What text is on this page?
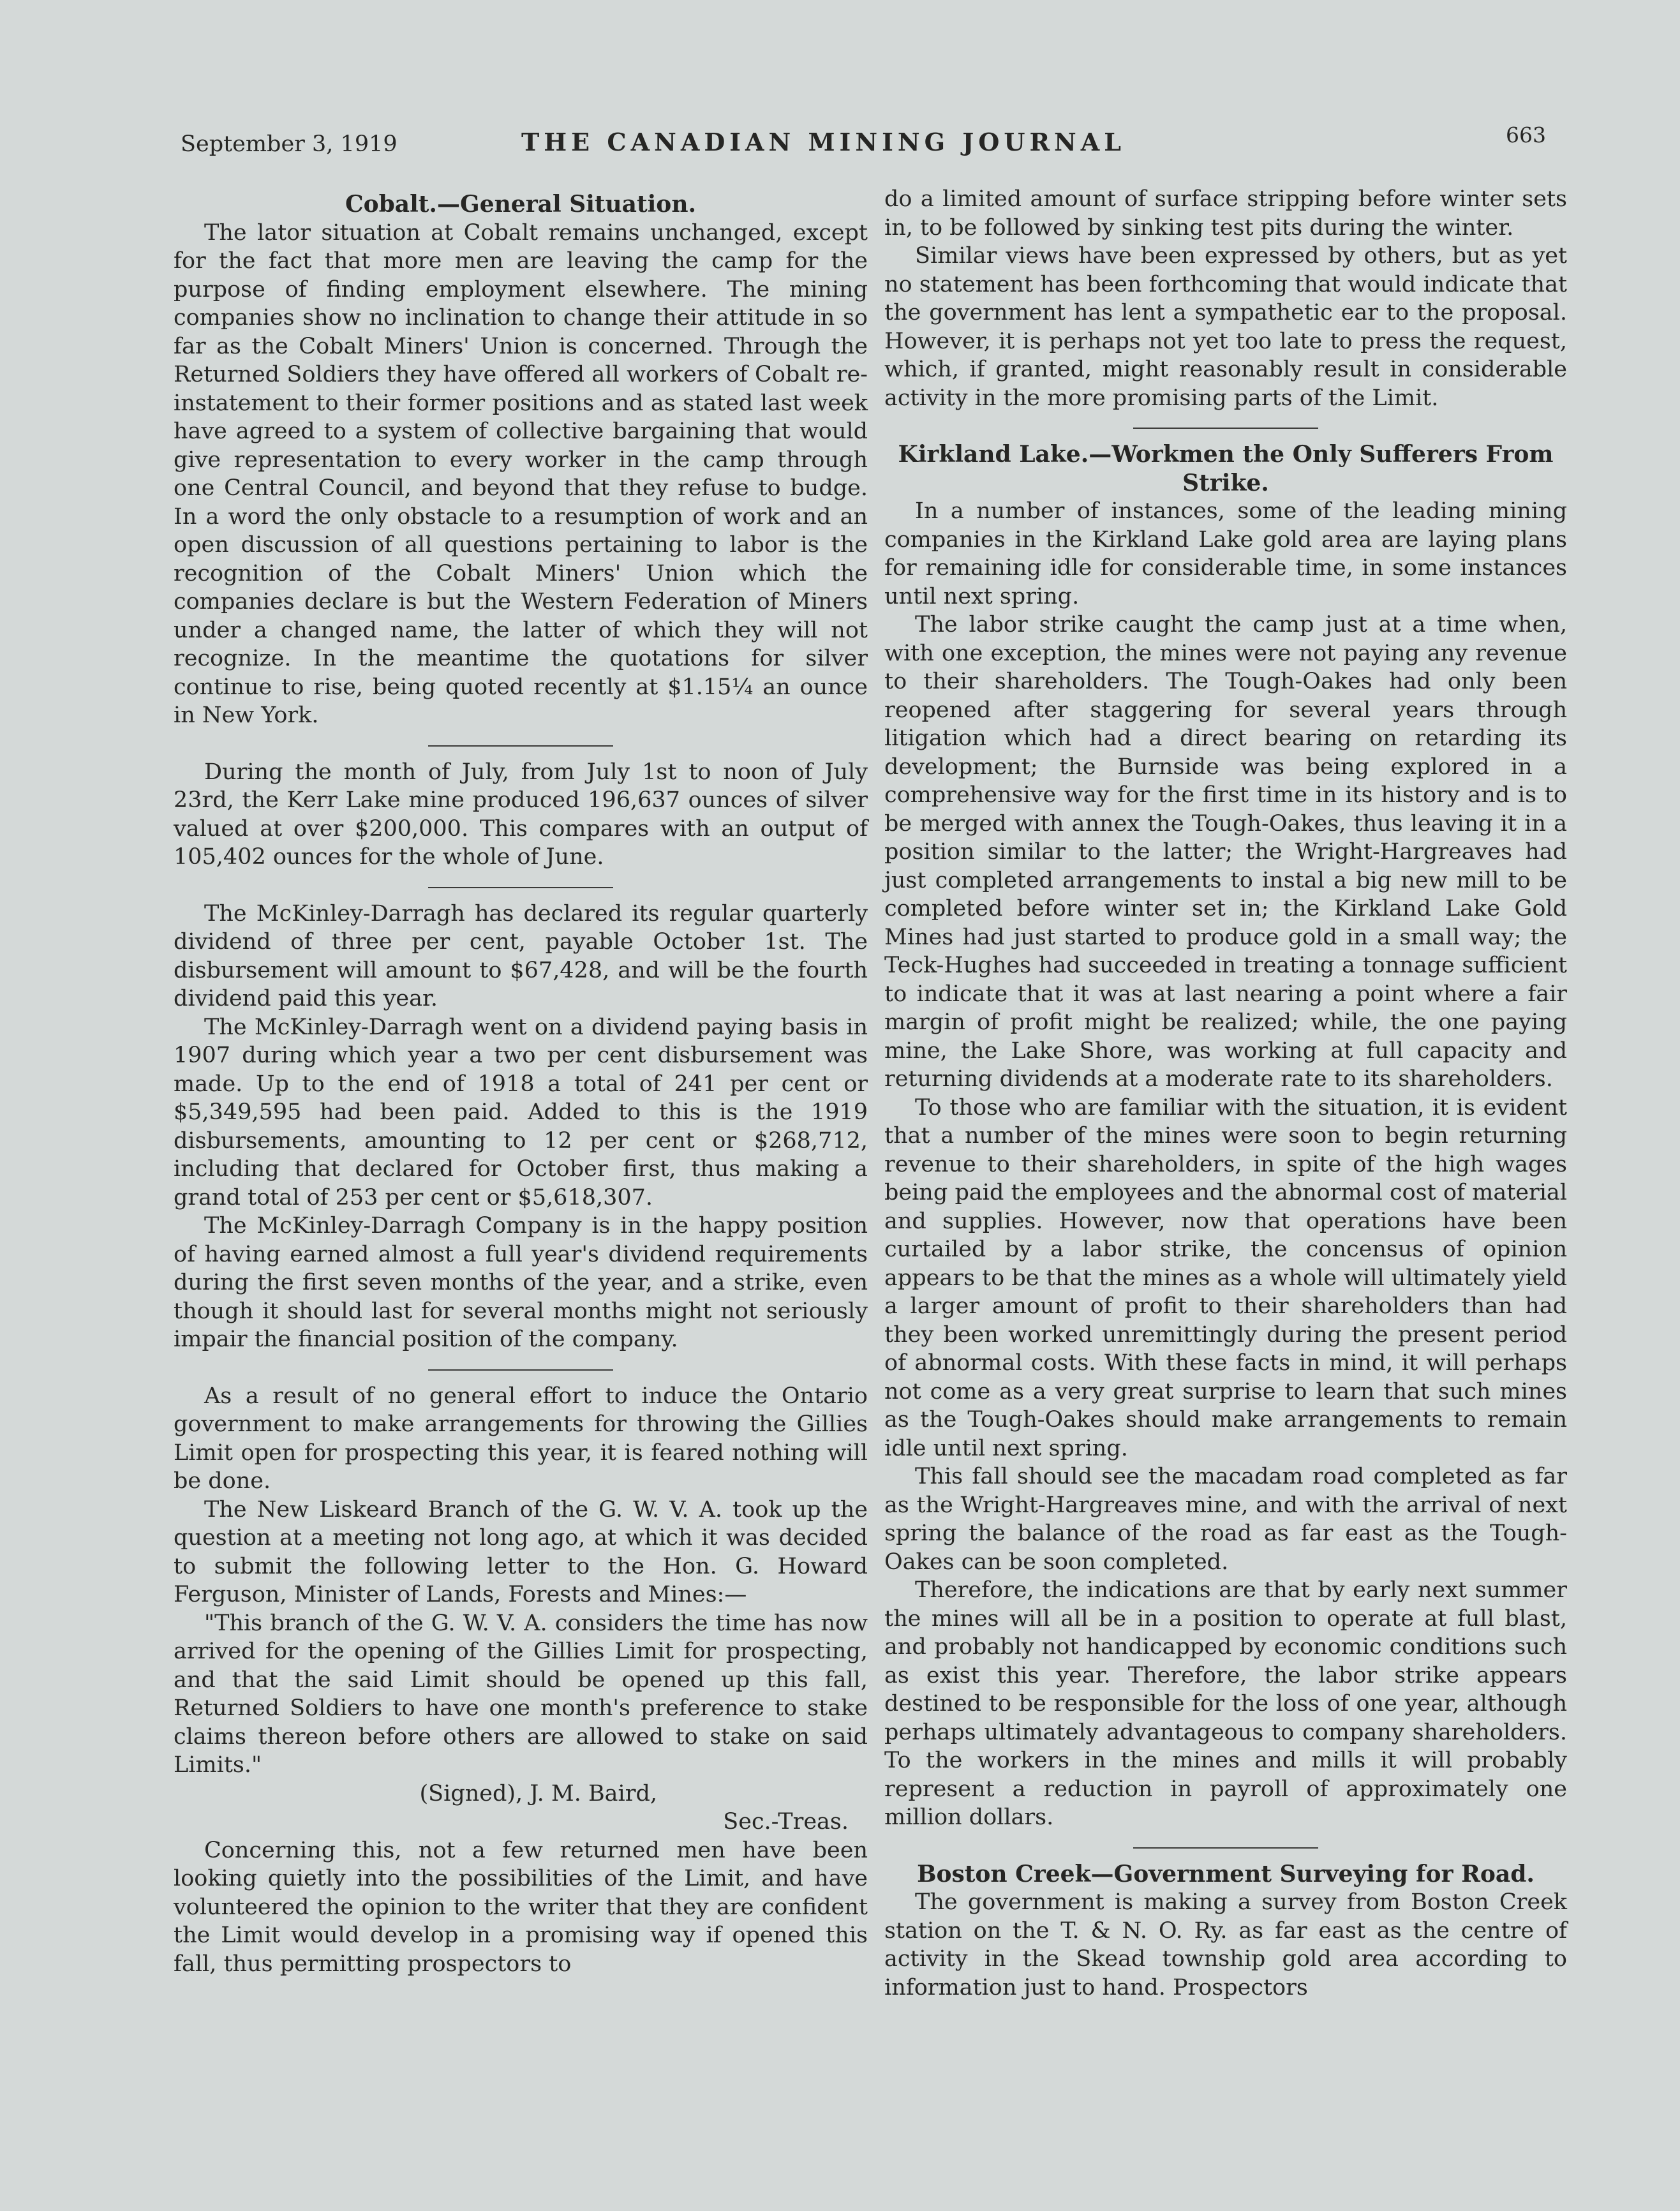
September 3, 1919	THE CANADIAN MINING JOURNAL	663
Cobalt.—General Situation.

The lator situation at Cobalt remains unchanged, except for the fact that more men are leaving the camp for the purpose of finding employment elsewhere. The mining companies show no inclination to change their attitude in so far as the Cobalt Miners' Union is concerned. Through the Returned Soldiers they have offered all workers of Cobalt re-instatement to their former positions and as stated last week have agreed to a system of collective bargaining that would give representation to every worker in the camp through one Central Council, and beyond that they refuse to budge. In a word the only obstacle to a resumption of work and an open discussion of all questions pertaining to labor is the recognition of the Cobalt Miners' Union which the companies declare is but the Western Federation of Miners under a changed name, the latter of which they will not recognize. In the meantime the quotations for silver continue to rise, being quoted recently at $1.15¼ an ounce in New York.

During the month of July, from July 1st to noon of July 23rd, the Kerr Lake mine produced 196,637 ounces of silver valued at over $200,000. This compares with an output of 105,402 ounces for the whole of June.

The McKinley-Darragh has declared its regular quarterly dividend of three per cent, payable October 1st. The disbursement will amount to $67,428, and will be the fourth dividend paid this year.

The McKinley-Darragh went on a dividend paying basis in 1907 during which year a two per cent disbursement was made. Up to the end of 1918 a total of 241 per cent or $5,349,595 had been paid. Added to this is the 1919 disbursements, amounting to 12 per cent or $268,712, including that declared for October first, thus making a grand total of 253 per cent or $5,618,307.

The McKinley-Darragh Company is in the happy position of having earned almost a full year's dividend requirements during the first seven months of the year, and a strike, even though it should last for several months might not seriously impair the financial position of the company.

As a result of no general effort to induce the Ontario government to make arrangements for throwing the Gillies Limit open for prospecting this year, it is feared nothing will be done.

The New Liskeard Branch of the G. W. V. A. took up the question at a meeting not long ago, at which it was decided to submit the following letter to the Hon. G. Howard Ferguson, Minister of Lands, Forests and Mines:—

"This branch of the G. W. V. A. considers the time has now arrived for the opening of the Gillies Limit for prospecting, and that the said Limit should be opened up this fall, Returned Soldiers to have one month's preference to stake claims thereon before others are allowed to stake on said Limits."

(Signed), J. M. Baird,

Sec.-Treas.

Concerning this, not a few returned men have been looking quietly into the possibilities of the Limit, and have volunteered the opinion to the writer that they are confident the Limit would develop in a promising way if opened this fall, thus permitting prospectors to

do a limited amount of surface stripping before winter sets in, to be followed by sinking test pits during the winter.

Similar views have been expressed by others, but as yet no statement has been forthcoming that would indicate that the government has lent a sympathetic ear to the proposal. However, it is perhaps not yet too late to press the request, which, if granted, might reasonably result in considerable activity in the more promising parts of the Limit.

Kirkland Lake.—Workmen the Only Sufferers From Strike.

In a number of instances, some of the leading mining companies in the Kirkland Lake gold area are laying plans for remaining idle for considerable time, in some instances until next spring.

The labor strike caught the camp just at a time when, with one exception, the mines were not paying any revenue to their shareholders. The Tough-Oakes had only been reopened after staggering for several years through litigation which had a direct bearing on retarding its development; the Burnside was being explored in a comprehensive way for the first time in its history and is to be merged with annex the Tough-Oakes, thus leaving it in a position similar to the latter; the Wright-Hargreaves had just completed arrangements to instal a big new mill to be completed before winter set in; the Kirkland Lake Gold Mines had just started to produce gold in a small way; the Teck-Hughes had succeeded in treating a tonnage sufficient to indicate that it was at last nearing a point where a fair margin of profit might be realized; while, the one paying mine, the Lake Shore, was working at full capacity and returning dividends at a moderate rate to its shareholders.

To those who are familiar with the situation, it is evident that a number of the mines were soon to begin returning revenue to their shareholders, in spite of the high wages being paid the employees and the abnormal cost of material and supplies. However, now that operations have been curtailed by a labor strike, the concensus of opinion appears to be that the mines as a whole will ultimately yield a larger amount of profit to their shareholders than had they been worked unremittingly during the present period of abnormal costs. With these facts in mind, it will perhaps not come as a very great surprise to learn that such mines as the Tough-Oakes should make arrangements to remain idle until next spring.

This fall should see the macadam road completed as far as the Wright-Hargreaves mine, and with the arrival of next spring the balance of the road as far east as the Tough-Oakes can be soon completed.

Therefore, the indications are that by early next summer the mines will all be in a position to operate at full blast, and probably not handicapped by economic conditions such as exist this year. Therefore, the labor strike appears destined to be responsible for the loss of one year, although perhaps ultimately advantageous to company shareholders. To the workers in the mines and mills it will probably represent a reduction in payroll of approximately one million dollars.

Boston Creek—Government Surveying for Road.

The government is making a survey from Boston Creek station on the T. & N. O. Ry. as far east as the centre of activity in the Skead township gold area according to information just to hand. Prospectors
